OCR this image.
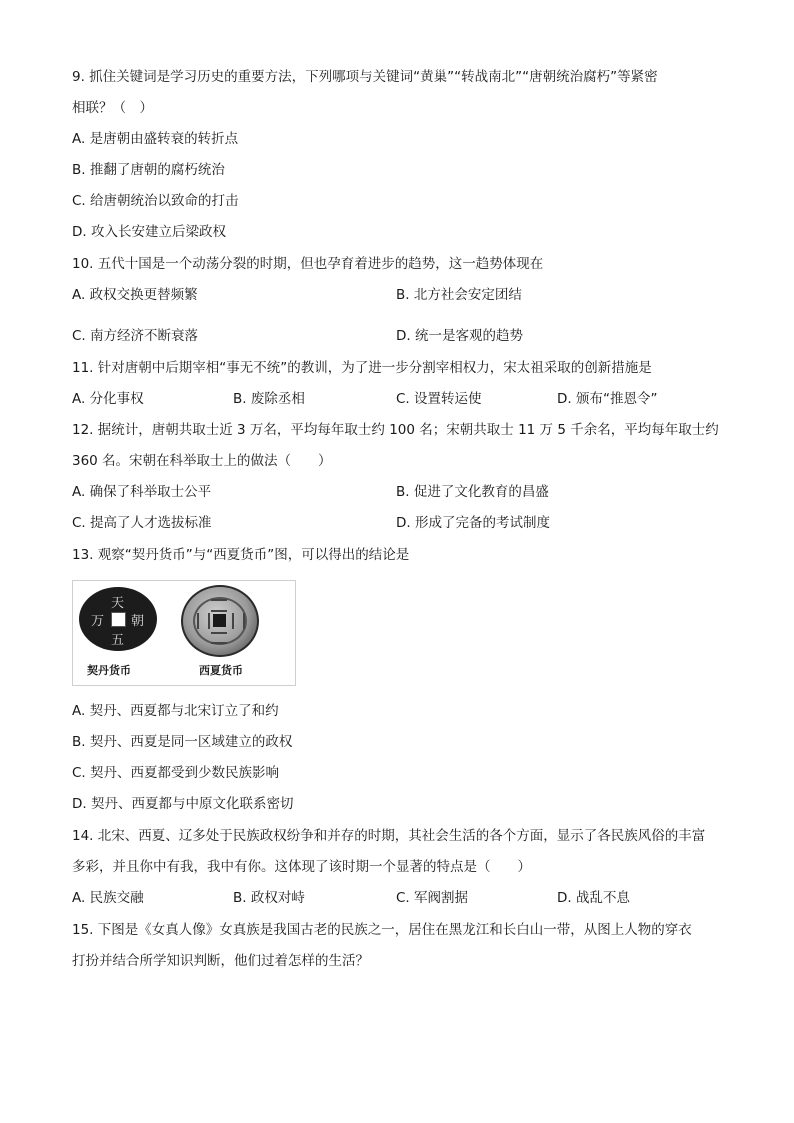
9. 抓住关键词是学习历史的重要方法，下列哪项与关键词“黄巢”“转战南北”“唐朝统治腐朽”等紧密
相联？（　）
A. 是唐朝由盛转衰的转折点
B. 推翻了唐朝的腐朽统治
C. 给唐朝统治以致命的打击
D. 攻入长安建立后梁政权
10. 五代十国是一个动荡分裂的时期，但也孕育着进步的趋势，这一趋势体现在
A. 政权交换更替频繁	B. 北方社会安定团结
C. 南方经济不断衰落	D. 统一是客观的趋势
11. 针对唐朝中后期宰相“事无不统”的教训，为了进一步分割宰相权力，宋太祖采取的创新措施是
A. 分化事权	B. 废除丞相	C. 设置转运使	D. 颁布“推恩令”
12. 据统计，唐朝共取士近 3 万名，平均每年取士约 100 名；宋朝共取士 11 万 5 千余名，平均每年取士约
360 名。宋朝在科举取士上的做法（　　）
A. 确保了科举取士公平	B. 促进了文化教育的昌盛
C. 提高了人才选拔标准	D. 形成了完备的考试制度
13. 观察“契丹货币”与“西夏货币”图，可以得出的结论是
天
朝
五
万
契丹货币	西夏货币
A. 契丹、西夏都与北宋订立了和约
B. 契丹、西夏是同一区域建立的政权
C. 契丹、西夏都受到少数民族影响
D. 契丹、西夏都与中原文化联系密切
14. 北宋、西夏、辽多处于民族政权纷争和并存的时期，其社会生活的各个方面，显示了各民族风俗的丰富
多彩，并且你中有我，我中有你。这体现了该时期一个显著的特点是（　　）
A. 民族交融	B. 政权对峙	C. 军阀割据	D. 战乱不息
15. 下图是《女真人像》女真族是我国古老的民族之一，居住在黑龙江和长白山一带，从图上人物的穿衣
打扮并结合所学知识判断，他们过着怎样的生活？
